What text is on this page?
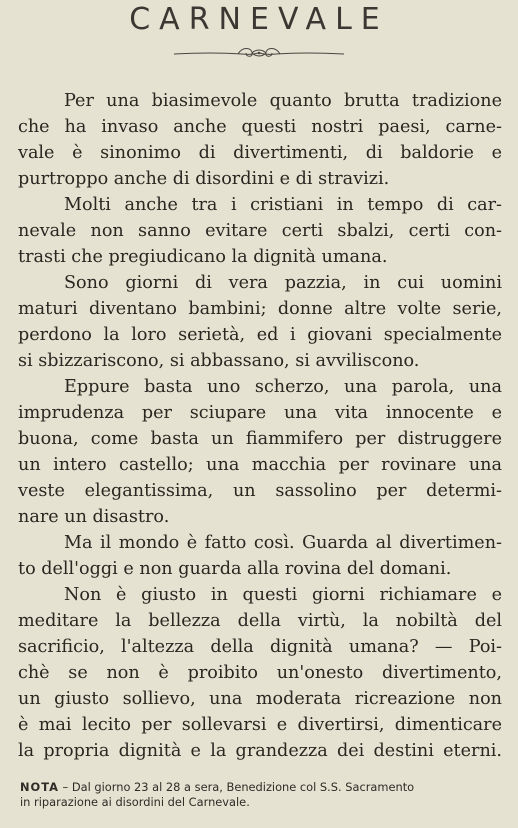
CARNEVALE
Per una biasimevole quanto brutta tradizione
che ha invaso anche questi nostri paesi, carne-
vale è sinonimo di divertimenti, di baldorie e
purtroppo anche di disordini e di stravizi.
Molti anche tra i cristiani in tempo di car-
nevale non sanno evitare certi sbalzi, certi con-
trasti che pregiudicano la dignità umana.
Sono giorni di vera pazzia, in cui uomini
maturi diventano bambini; donne altre volte serie,
perdono la loro serietà, ed i giovani specialmente
si sbizzariscono, si abbassano, si avviliscono.
Eppure basta uno scherzo, una parola, una
imprudenza per sciupare una vita innocente e
buona, come basta un fiammifero per distruggere
un intero castello; una macchia per rovinare una
veste elegantissima, un sassolino per determi-
nare un disastro.
Ma il mondo è fatto così. Guarda al divertimen-
to dell'oggi e non guarda alla rovina del domani.
Non è giusto in questi giorni richiamare e
meditare la bellezza della virtù, la nobiltà del
sacrificio, l'altezza della dignità umana? — Poi-
chè se non è proibito un'onesto divertimento,
un giusto sollievo, una moderata ricreazione non
è mai lecito per sollevarsi e divertirsi, dimenticare
la propria dignità e la grandezza dei destini eterni.
NOTA – Dal giorno 23 al 28 a sera, Benedizione col S.S. Sacramento
in riparazione ai disordini del Carnevale.
